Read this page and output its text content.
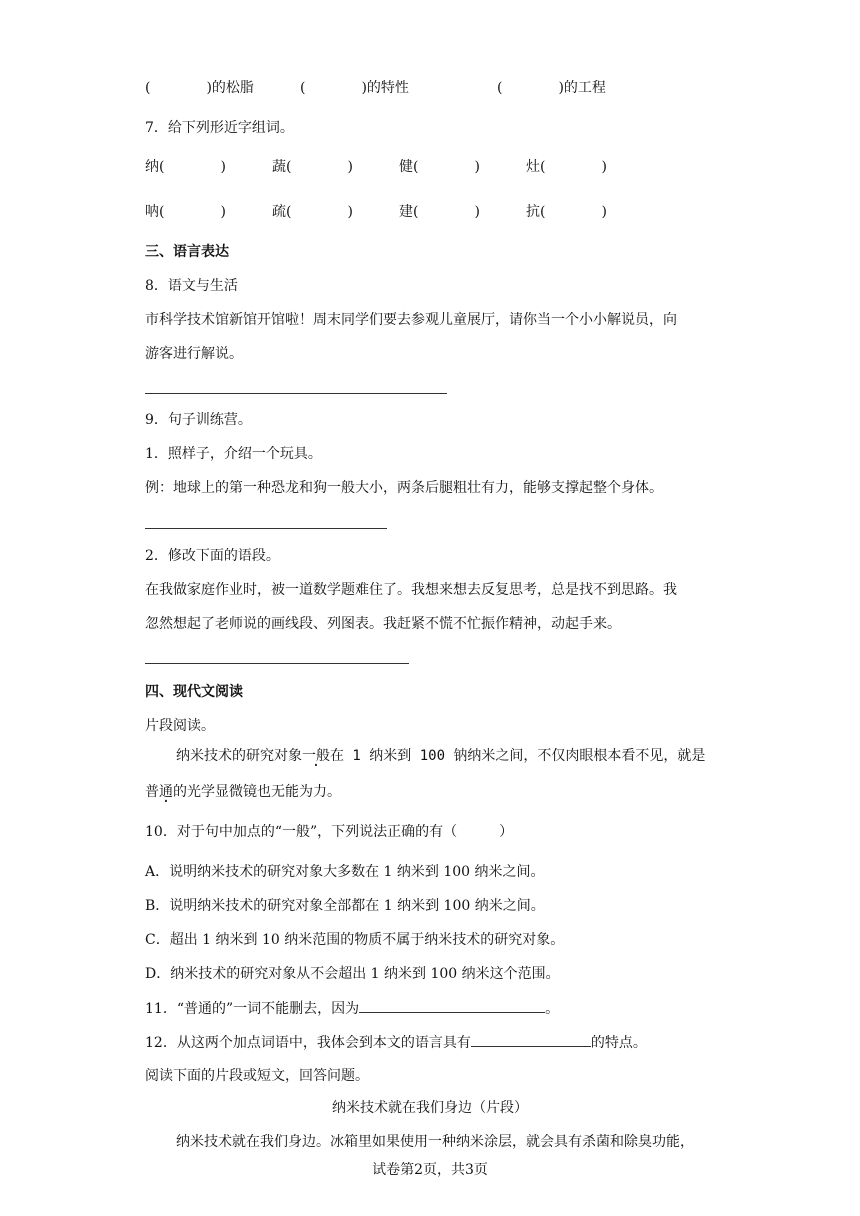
(　　　　)的松脂	(　　　　)的特性	(　　　　)的工程
7．给下列形近字组词。
纳(　　　　)	蔬(　　　　)	健(　　　　)	灶(　　　　)
呐(　　　　)	疏(　　　　)	建(　　　　)	抗(　　　　)
三、语言表达
8．语文与生活
市科学技术馆新馆开馆啦！周末同学们要去参观儿童展厅，请你当一个小小解说员，向
游客进行解说。
9．句子训练营。
1．照样子，介绍一个玩具。
例：地球上的第一种恐龙和狗一般大小，两条后腿粗壮有力，能够支撑起整个身体。
2．修改下面的语段。
在我做家庭作业时，被一道数学题难住了。我想来想去反复思考，总是找不到思路。我
忽然想起了老师说的画线段、列图表。我赶紧不慌不忙振作精神，动起手来。
四、现代文阅读
片段阅读。
纳米技术的研究对象一般在 1 纳米到 100 钠纳米之间，不仅肉眼根本看不见，就是
普通的光学显微镜也无能为力。
10．对于句中加点的“一般”，下列说法正确的有（　　　）
A．说明纳米技术的研究对象大多数在 1 纳米到 100 纳米之间。
B．说明纳米技术的研究对象全部都在 1 纳米到 100 纳米之间。
C．超出 1 纳米到 10 纳米范围的物质不属于纳米技术的研究对象。
D．纳米技术的研究对象从不会超出 1 纳米到 100 纳米这个范围。
11．“普通的”一词不能删去，因为	。
12．从这两个加点词语中，我体会到本文的语言具有	的特点。
阅读下面的片段或短文，回答问题。
纳米技术就在我们身边（片段）
纳米技术就在我们身边。冰箱里如果使用一种纳米涂层，就会具有杀菌和除臭功能，
试卷第2页，共3页
